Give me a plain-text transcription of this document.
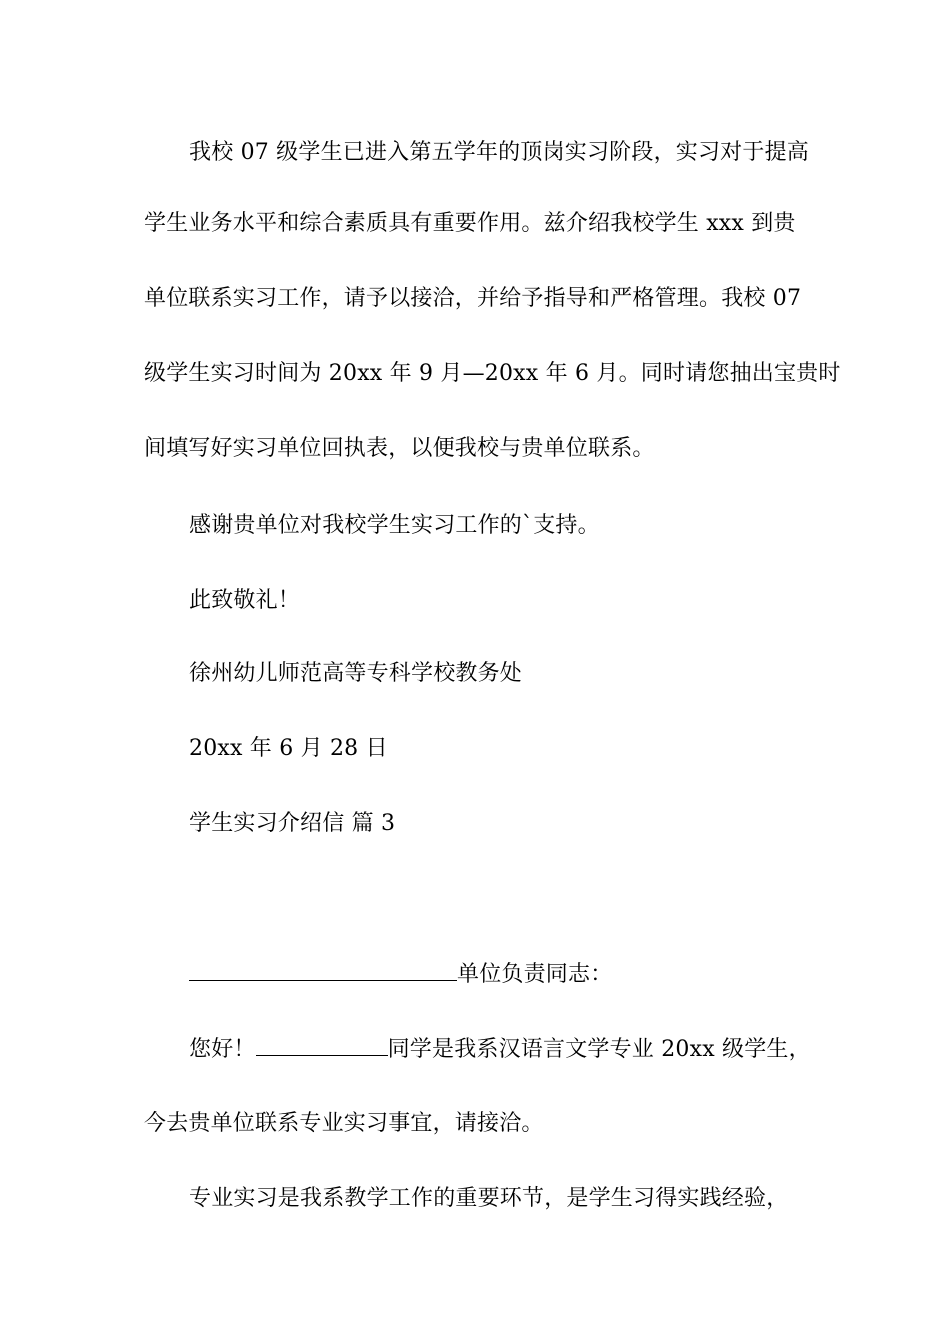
我校 07 级学生已进入第五学年的顶岗实习阶段，实习对于提高
学生业务水平和综合素质具有重要作用。兹介绍我校学生 xxx 到贵
单位联系实习工作，请予以接洽，并给予指导和严格管理。我校 07
级学生实习时间为 20xx 年 9 月—20xx 年 6 月。同时请您抽出宝贵时
间填写好实习单位回执表，以便我校与贵单位联系。
感谢贵单位对我校学生实习工作的`支持。
此致敬礼！
徐州幼儿师范高等专科学校教务处
20xx 年 6 月 28 日
学生实习介绍信 篇 3
单位负责同志：
您好！	同学是我系汉语言文学专业 20xx 级学生，
今去贵单位联系专业实习事宜，请接洽。
专业实习是我系教学工作的重要环节，是学生习得实践经验，
